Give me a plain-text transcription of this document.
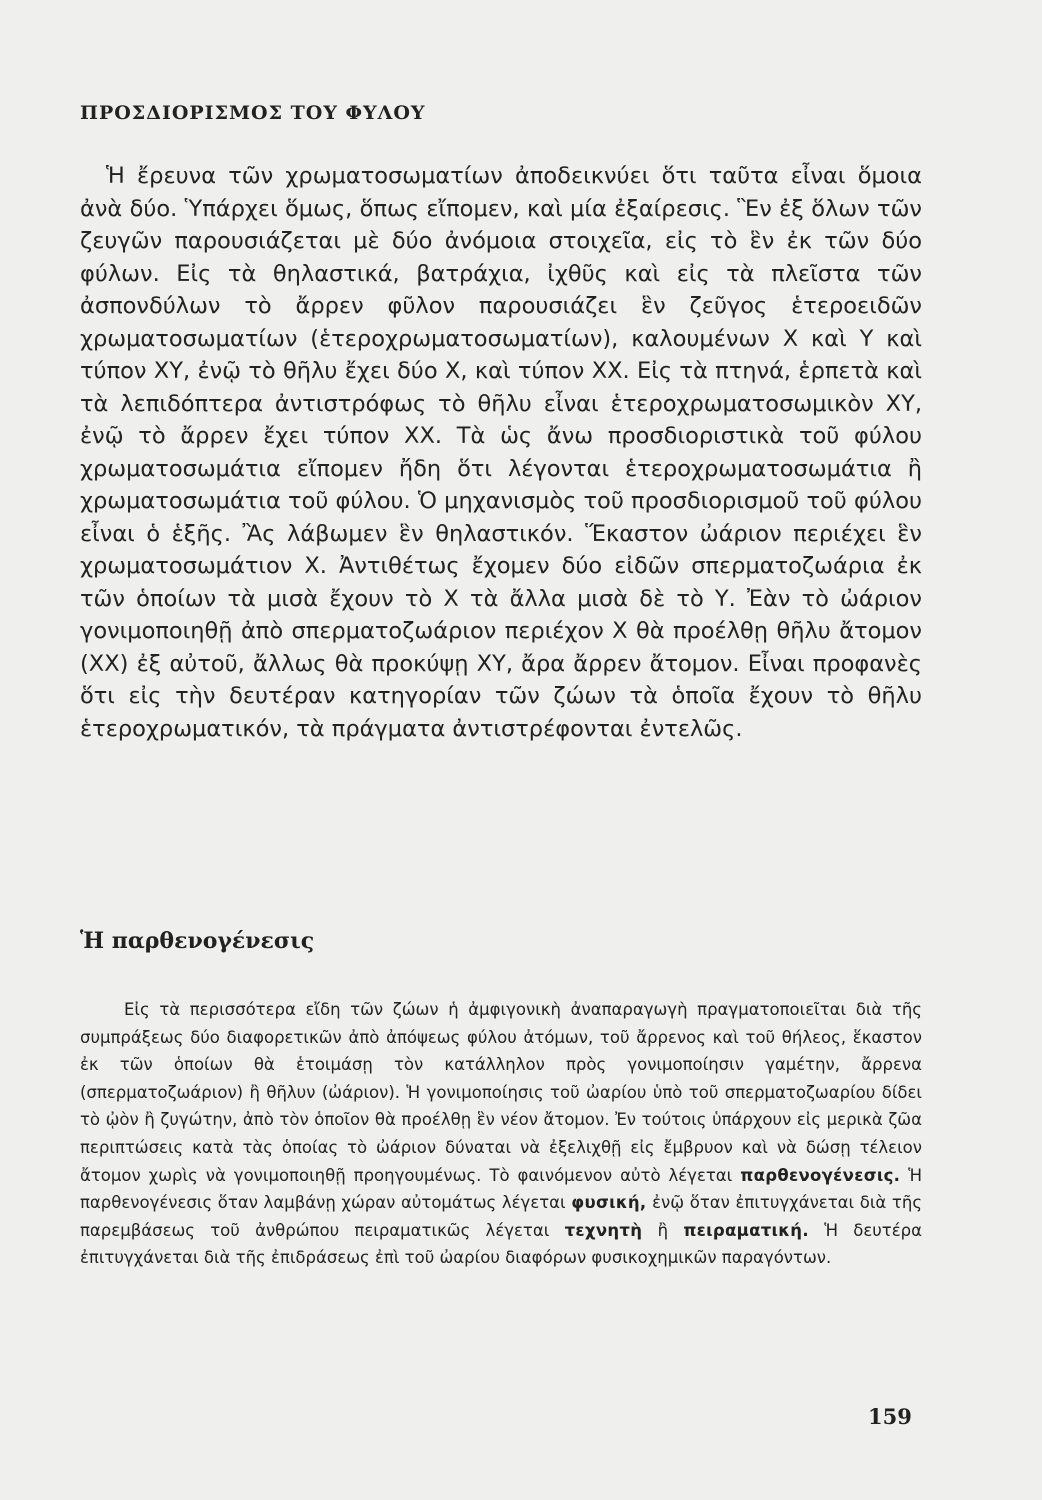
ΠΡΟΣΔΙΟΡΙΣΜΟΣ ΤΟΥ ΦΥΛΟΥ

Ἡ ἔρευνα τῶν χρωματοσωματίων ἀποδεικνύει ὅτι ταῦτα εἶναι ὅμοια ἀνὰ δύο. Ὑπάρχει ὅμως, ὅπως εἴπομεν, καὶ μία ἐξαίρεσις. Ἓν ἐξ ὅλων τῶν ζευγῶν παρουσιάζεται μὲ δύο ἀνόμοια στοιχεῖα, εἰς τὸ ἓν ἐκ τῶν δύο φύλων. Εἰς τὰ θηλαστικά, βατράχια, ἰχθῦς καὶ εἰς τὰ πλεῖστα τῶν ἀσπονδύλων τὸ ἄρρεν φῦλον παρουσιάζει ἓν ζεῦγος ἑτεροειδῶν χρωματοσωματίων (ἑτεροχρωματοσωματίων), καλουμένων Χ καὶ Υ καὶ τύπον ΧΥ, ἐνῷ τὸ θῆλυ ἔχει δύο Χ, καὶ τύπον ΧΧ. Εἰς τὰ πτηνά, ἑρπετὰ καὶ τὰ λεπιδόπτερα ἀντιστρόφως τὸ θῆλυ εἶναι ἑτεροχρωματοσωμικὸν ΧΥ, ἐνῷ τὸ ἄρρεν ἔχει τύπον ΧΧ. Τὰ ὡς ἄνω προσδιοριστικὰ τοῦ φύλου χρωματοσωμάτια εἴπομεν ἤδη ὅτι λέγονται ἑτεροχρωματοσωμάτια ἢ χρωματοσωμάτια τοῦ φύλου. Ὁ μηχανισμὸς τοῦ προσδιορισμοῦ τοῦ φύλου εἶναι ὁ ἑξῆς. Ἂς λάβωμεν ἓν θηλαστικόν. Ἕκαστον ὠάριον περιέχει ἓν χρωματοσωμάτιον Χ. Ἀντιθέτως ἔχομεν δύο εἰδῶν σπερματοζωάρια ἐκ τῶν ὁποίων τὰ μισὰ ἔχουν τὸ Χ τὰ ἄλλα μισὰ δὲ τὸ Υ. Ἐὰν τὸ ὠάριον γονιμοποιηθῇ ἀπὸ σπερματοζωάριον περιέχον Χ θὰ προέλθῃ θῆλυ ἄτομον (ΧΧ) ἐξ αὐτοῦ, ἄλλως θὰ προκύψῃ ΧΥ, ἄρα ἄρρεν ἄτομον. Εἶναι προφανὲς ὅτι εἰς τὴν δευτέραν κατηγορίαν τῶν ζώων τὰ ὁποῖα ἔχουν τὸ θῆλυ ἑτεροχρωματικόν, τὰ πράγματα ἀντιστρέφονται ἐντελῶς.

Ἡ παρθενογένεσις

Εἰς τὰ περισσότερα εἴδη τῶν ζώων ἡ ἀμφιγονικὴ ἀναπαραγωγὴ πραγματοποιεῖται διὰ τῆς συμπράξεως δύο διαφορετικῶν ἀπὸ ἀπόψεως φύλου ἀτόμων, τοῦ ἄρρενος καὶ τοῦ θήλεος, ἕκαστον ἐκ τῶν ὁποίων θὰ ἑτοιμάσῃ τὸν κατάλληλον πρὸς γονιμοποίησιν γαμέτην, ἄρρενα (σπερματοζωάριον) ἢ θῆλυν (ὠάριον). Ἡ γονιμοποίησις τοῦ ὠαρίου ὑπὸ τοῦ σπερματοζωαρίου δίδει τὸ ᾠὸν ἢ ζυγώτην, ἀπὸ τὸν ὁποῖον θὰ προέλθῃ ἓν νέον ἄτομον. Ἐν τούτοις ὑπάρχουν εἰς μερικὰ ζῶα περιπτώσεις κατὰ τὰς ὁποίας τὸ ὠάριον δύναται νὰ ἐξελιχθῇ εἰς ἔμβρυον καὶ νὰ δώσῃ τέλειον ἄτομον χωρὶς νὰ γονιμοποιηθῇ προηγουμένως. Τὸ φαινόμενον αὐτὸ λέγεται παρθενογένεσις. Ἡ παρθενογένεσις ὅταν λαμβάνῃ χώραν αὐτομάτως λέγεται φυσική, ἐνῷ ὅταν ἐπιτυγχάνεται διὰ τῆς παρεμβάσεως τοῦ ἀνθρώπου πειραματικῶς λέγεται τεχνητὴ ἢ πειραματική. Ἡ δευτέρα ἐπιτυγχάνεται διὰ τῆς ἐπιδράσεως ἐπὶ τοῦ ὠαρίου διαφόρων φυσικοχημικῶν παραγόντων.

159
